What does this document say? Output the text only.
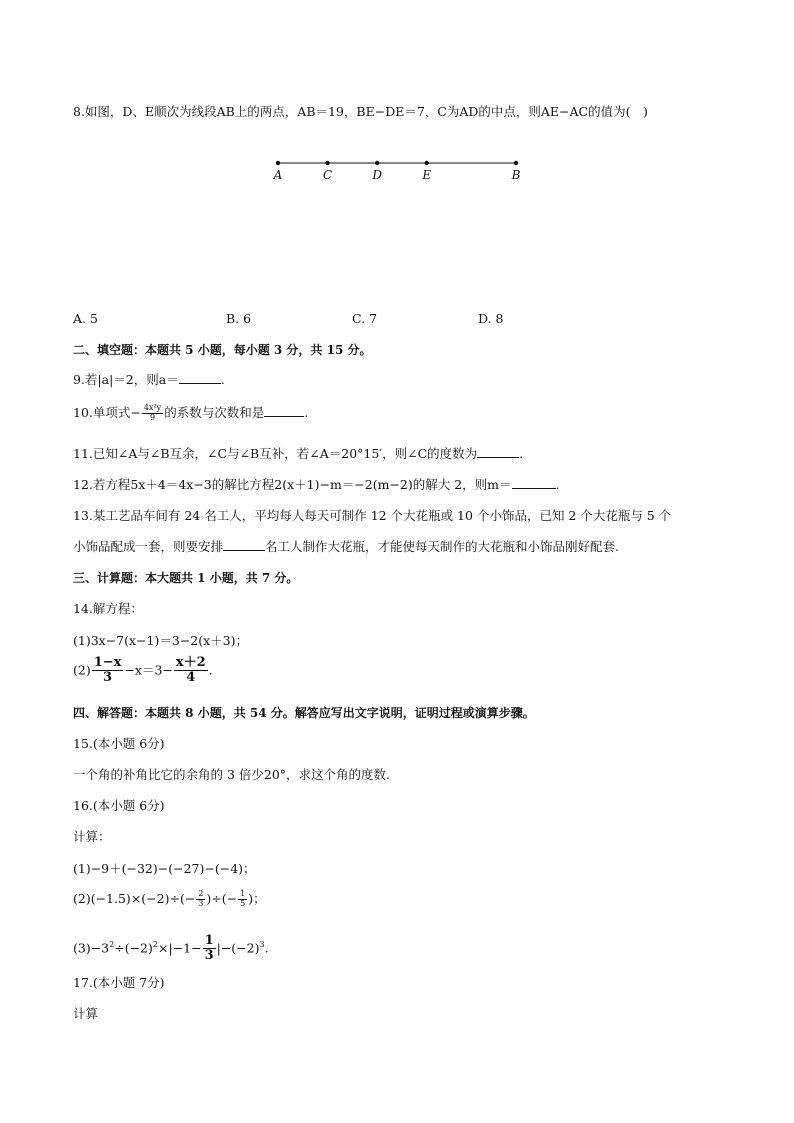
8.如图，D、E顺次为线段AB上的两点，AB＝19，BE−DE＝7，C为AD的中点，则AE−AC的值为(　)
A	C	D	E	B
A. 5	B. 6	C. 7	D. 8
二、填空题：本题共 5 小题，每小题 3 分，共 15 分。
9.若|a|＝2，则a＝	.
10.单项式− $\frac{\text{4x²y}}{9}$ 的系数与次数和是	.
11.已知∠A与∠B互余，∠C与∠B互补，若∠A＝20°15′，则∠C的度数为	.
12.若方程5x＋4＝4x−3的解比方程2(x＋1)−m＝−2(m−2)的解大 2，则m＝	.
13.某工艺品车间有 24 名工人，平均每人每天可制作 12 个大花瓶或 10 个小饰品，已知 2 个大花瓶与 5 个
小饰品配成一套，则要安排	名工人制作大花瓶，才能使每天制作的大花瓶和小饰品刚好配套.
三、计算题：本大题共 1 小题，共 7 分。
14.解方程：
(1)3x−7(x−1)＝3−2(x＋3)；
$(2) \frac{1-x}{3} -x=3- \frac{x+2}{4}$ .
四、解答题：本题共 8 小题，共 54 分。解答应写出文字说明，证明过程或演算步骤。
15.(本小题 6分)
一个角的补角比它的余角的 3 倍少20°，求这个角的度数.
16.(本小题 6分)
计算：
(1)−9＋(−32)−(−27)−(−4)；
$(2)(-1.5)\times(-2)\div(- \frac{2}{3}$ )÷(− $\frac{1}{5}$ )；
$(3)-3^2\div(-2)^2\times|-1- \frac{1}{3} |-(-2)^3$.
17.(本小题 7分)
计算
